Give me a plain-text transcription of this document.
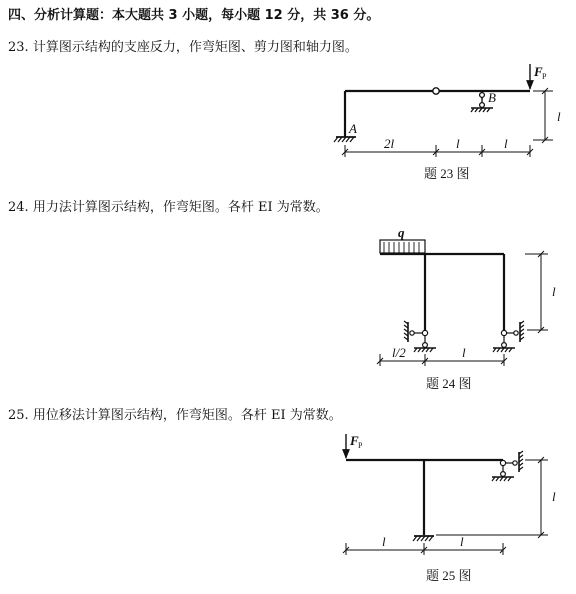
四、分析计算题：本大题共 3 小题，每小题 12 分，共 36 分。
23. 计算图示结构的支座反力，作弯矩图、剪力图和轴力图。
24. 用力法计算图示结构，作弯矩图。各杆 EI 为常数。
25. 用位移法计算图示结构，作弯矩图。各杆 EI 为常数。
F P
A
B
2l	l	l
l
题 23 图
q
l/2	l
l
题 24 图
F P
l	l
l
题 25 图
